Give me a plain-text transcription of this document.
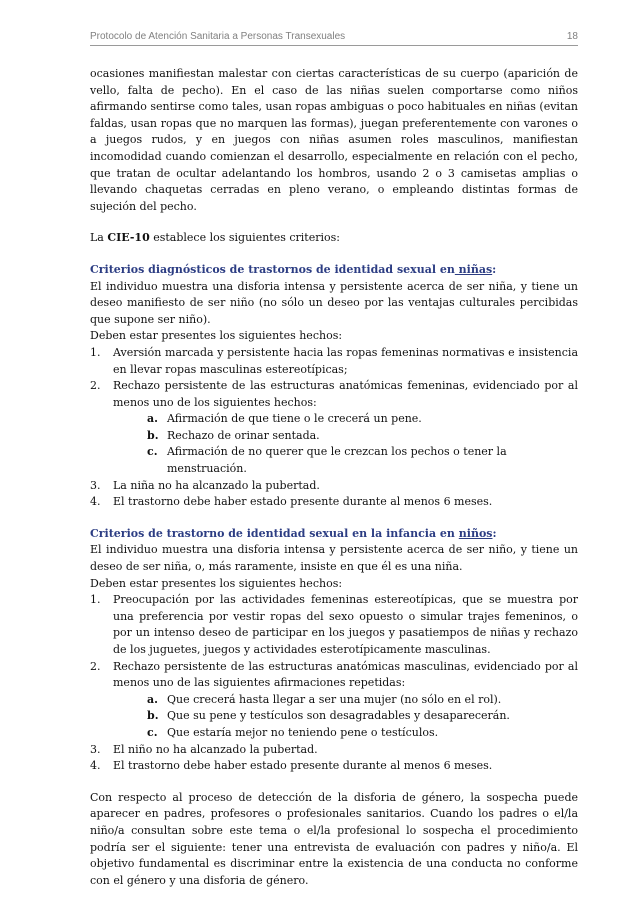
Protocolo de Atención Sanitaria a Personas Transexuales	18

ocasiones manifiestan malestar con ciertas características de su cuerpo (aparición de vello, falta de pecho). En el caso de las niñas suelen comportarse como niños afirmando sentirse como tales, usan ropas ambiguas o poco habituales en niñas (evitan faldas, usan ropas que no marquen las formas), juegan preferentemente con varones o a juegos rudos, y en juegos con niñas asumen roles masculinos, manifiestan incomodidad cuando comienzan el desarrollo, especialmente en relación con el pecho, que tratan de ocultar adelantando los hombros, usando 2 o 3 camisetas amplias o llevando chaquetas cerradas en pleno verano, o empleando distintas formas de sujeción del pecho.

La CIE-10 establece los siguientes criterios:

Criterios diagnósticos de trastornos de identidad sexual en niñas:

El individuo muestra una disforia intensa y persistente acerca de ser niña, y tiene un deseo manifiesto de ser niño (no sólo un deseo por las ventajas culturales percibidas que supone ser niño).

Deben estar presentes los siguientes hechos:

1.	Aversión marcada y persistente hacia las ropas femeninas normativas e insistencia en llevar ropas masculinas estereotípicas;
2.	Rechazo persistente de las estructuras anatómicas femeninas, evidenciado por al menos uno de los siguientes hechos:
a. Afirmación de que tiene o le crecerá un pene.
b. Rechazo de orinar sentada.
c. Afirmación de no querer que le crezcan los pechos o tener la menstruación.
3.	La niña no ha alcanzado la pubertad.
4.	El trastorno debe haber estado presente durante al menos 6 meses.

Criterios de trastorno de identidad sexual en la infancia en niños:

El individuo muestra una disforia intensa y persistente acerca de ser niño, y tiene un deseo de ser niña, o, más raramente, insiste en que él es una niña.

Deben estar presentes los siguientes hechos:

1.	Preocupación por las actividades femeninas estereotípicas, que se muestra por una preferencia por vestir ropas del sexo opuesto o simular trajes femeninos, o por un intenso deseo de participar en los juegos y pasatiempos de niñas y rechazo de los juguetes, juegos y actividades esterotípicamente masculinas.
2.	Rechazo persistente de las estructuras anatómicas masculinas, evidenciado por al menos uno de las siguientes afirmaciones repetidas:
a. Que crecerá hasta llegar a ser una mujer (no sólo en el rol).
b. Que su pene y testículos son desagradables y desaparecerán.
c. Que estaría mejor no teniendo pene o testículos.
3.	El niño no ha alcanzado la pubertad.
4.	El trastorno debe haber estado presente durante al menos 6 meses.

Con respecto al proceso de detección de la disforia de género, la sospecha puede aparecer en padres, profesores o profesionales sanitarios. Cuando los padres o el/la niño/a consultan sobre este tema o el/la profesional lo sospecha el procedimiento podría ser el siguiente: tener una entrevista de evaluación con padres y niño/a. El objetivo fundamental es discriminar entre la existencia de una conducta no conforme con el género y una disforia de género.
